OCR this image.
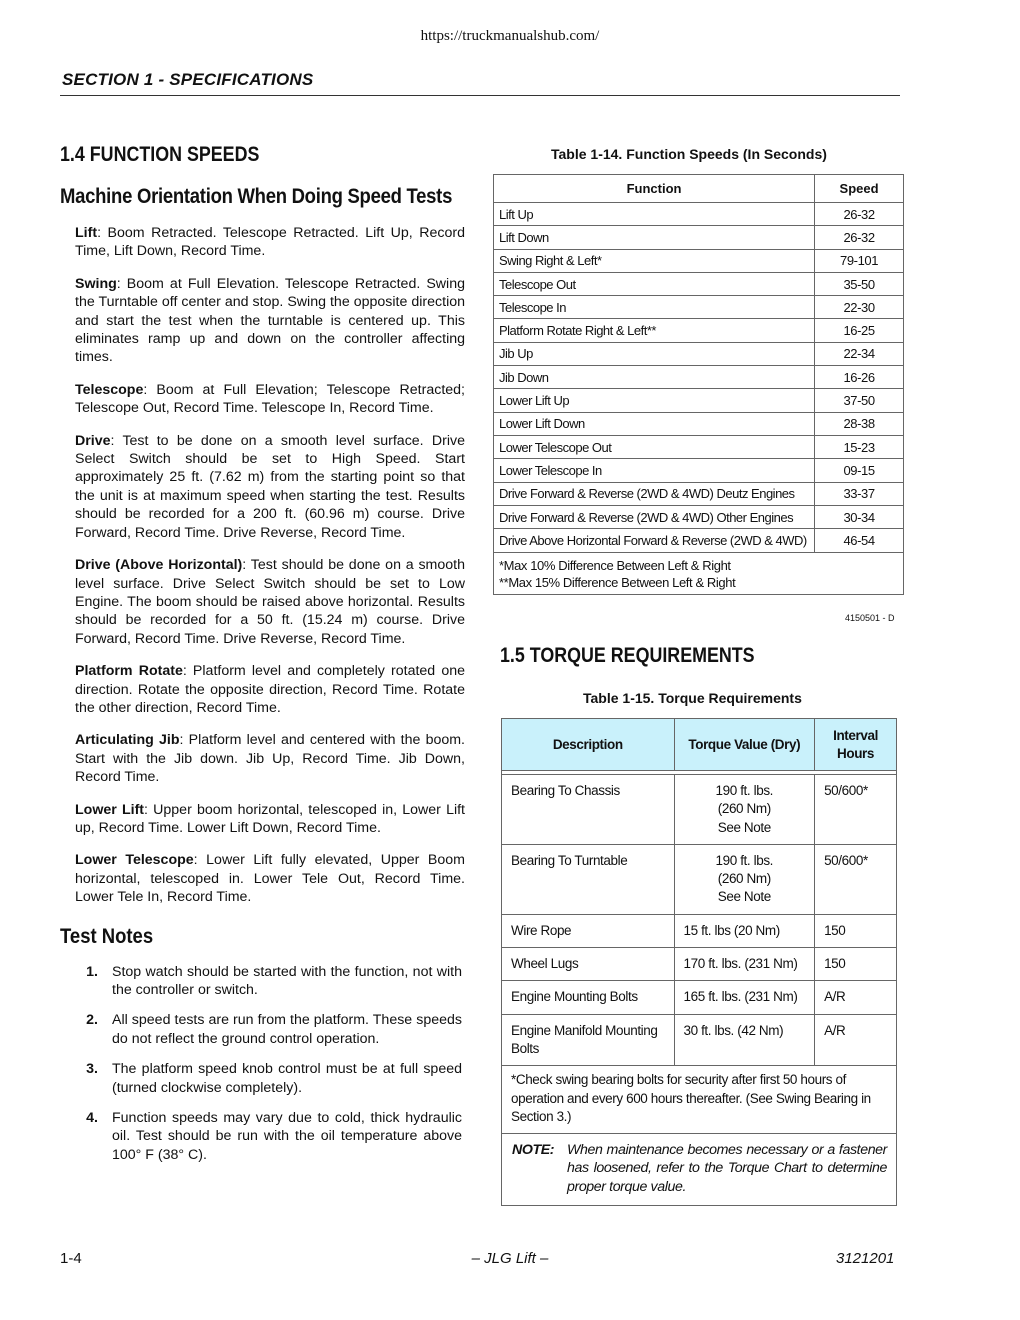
https://truckmanualshub.com/
SECTION 1 - SPECIFICATIONS
1.4 FUNCTION SPEEDS
Machine Orientation When Doing Speed Tests
Lift: Boom Retracted. Telescope Retracted. Lift Up, Record Time, Lift Down, Record Time.
Swing: Boom at Full Elevation. Telescope Retracted. Swing the Turntable off center and stop. Swing the opposite direction and start the test when the turntable is centered up. This eliminates ramp up and down on the controller affecting times.
Telescope: Boom at Full Elevation; Telescope Retracted; Telescope Out, Record Time. Telescope In, Record Time.
Drive: Test to be done on a smooth level surface. Drive Select Switch should be set to High Speed. Start approximately 25 ft. (7.62 m) from the starting point so that the unit is at maximum speed when starting the test. Results should be recorded for a 200 ft. (60.96 m) course. Drive Forward, Record Time. Drive Reverse, Record Time.
Drive (Above Horizontal): Test should be done on a smooth level surface. Drive Select Switch should be set to Low Engine. The boom should be raised above horizontal. Results should be recorded for a 50 ft. (15.24 m) course. Drive Forward, Record Time. Drive Reverse, Record Time.
Platform Rotate: Platform level and completely rotated one direction. Rotate the opposite direction, Record Time. Rotate the other direction, Record Time.
Articulating Jib: Platform level and centered with the boom. Start with the Jib down. Jib Up, Record Time. Jib Down, Record Time.
Lower Lift: Upper boom horizontal, telescoped in, Lower Lift up, Record Time. Lower Lift Down, Record Time.
Lower Telescope: Lower Lift fully elevated, Upper Boom horizontal, telescoped in. Lower Tele Out, Record Time. Lower Tele In, Record Time.
Test Notes
1. Stop watch should be started with the function, not with the controller or switch.
2. All speed tests are run from the platform. These speeds do not reflect the ground control operation.
3. The platform speed knob control must be at full speed (turned clockwise completely).
4. Function speeds may vary due to cold, thick hydraulic oil. Test should be run with the oil temperature above 100° F (38° C).
Table 1-14. Function Speeds (In Seconds)
Function	Speed
Lift Up	26-32
Lift Down	26-32
Swing Right & Left*	79-101
Telescope Out	35-50
Telescope In	22-30
Platform Rotate Right & Left**	16-25
Jib Up	22-34
Jib Down	16-26
Lower Lift Up	37-50
Lower Lift Down	28-38
Lower Telescope Out	15-23
Lower Telescope In	09-15
Drive Forward & Reverse (2WD & 4WD) Deutz Engines	33-37
Drive Forward & Reverse (2WD & 4WD) Other Engines	30-34
Drive Above Horizontal Forward & Reverse (2WD & 4WD)	46-54

*Max 10% Difference Between Left & Right
**Max 15% Difference Between Left & Right	
4150501 - D
1.5 TORQUE REQUIREMENTS
Table 1-15. Torque Requirements
Description	Torque Value (Dry)	Interval Hours

Bearing To Chassis	190 ft. lbs.
(260 Nm)
See Note	50/600*
Bearing To Turntable	190 ft. lbs.
(260 Nm)
See Note	50/600*
Wire Rope	15 ft. lbs (20 Nm)	150
Wheel Lugs	170 ft. lbs. (231 Nm)	150
Engine Mounting Bolts	165 ft. lbs. (231 Nm)	A/R
Engine Manifold Mounting Bolts	30 ft. lbs. (42 Nm)	A/R
*Check swing bearing bolts for security after first 50 hours of operation and every 600 hours thereafter. (See Swing Bearing in Section 3.)		

NOTE: When maintenance becomes necessary or a fastener has loosened, refer to the Torque Chart to determine proper torque value.		
1-4	– JLG Lift –	3121201
